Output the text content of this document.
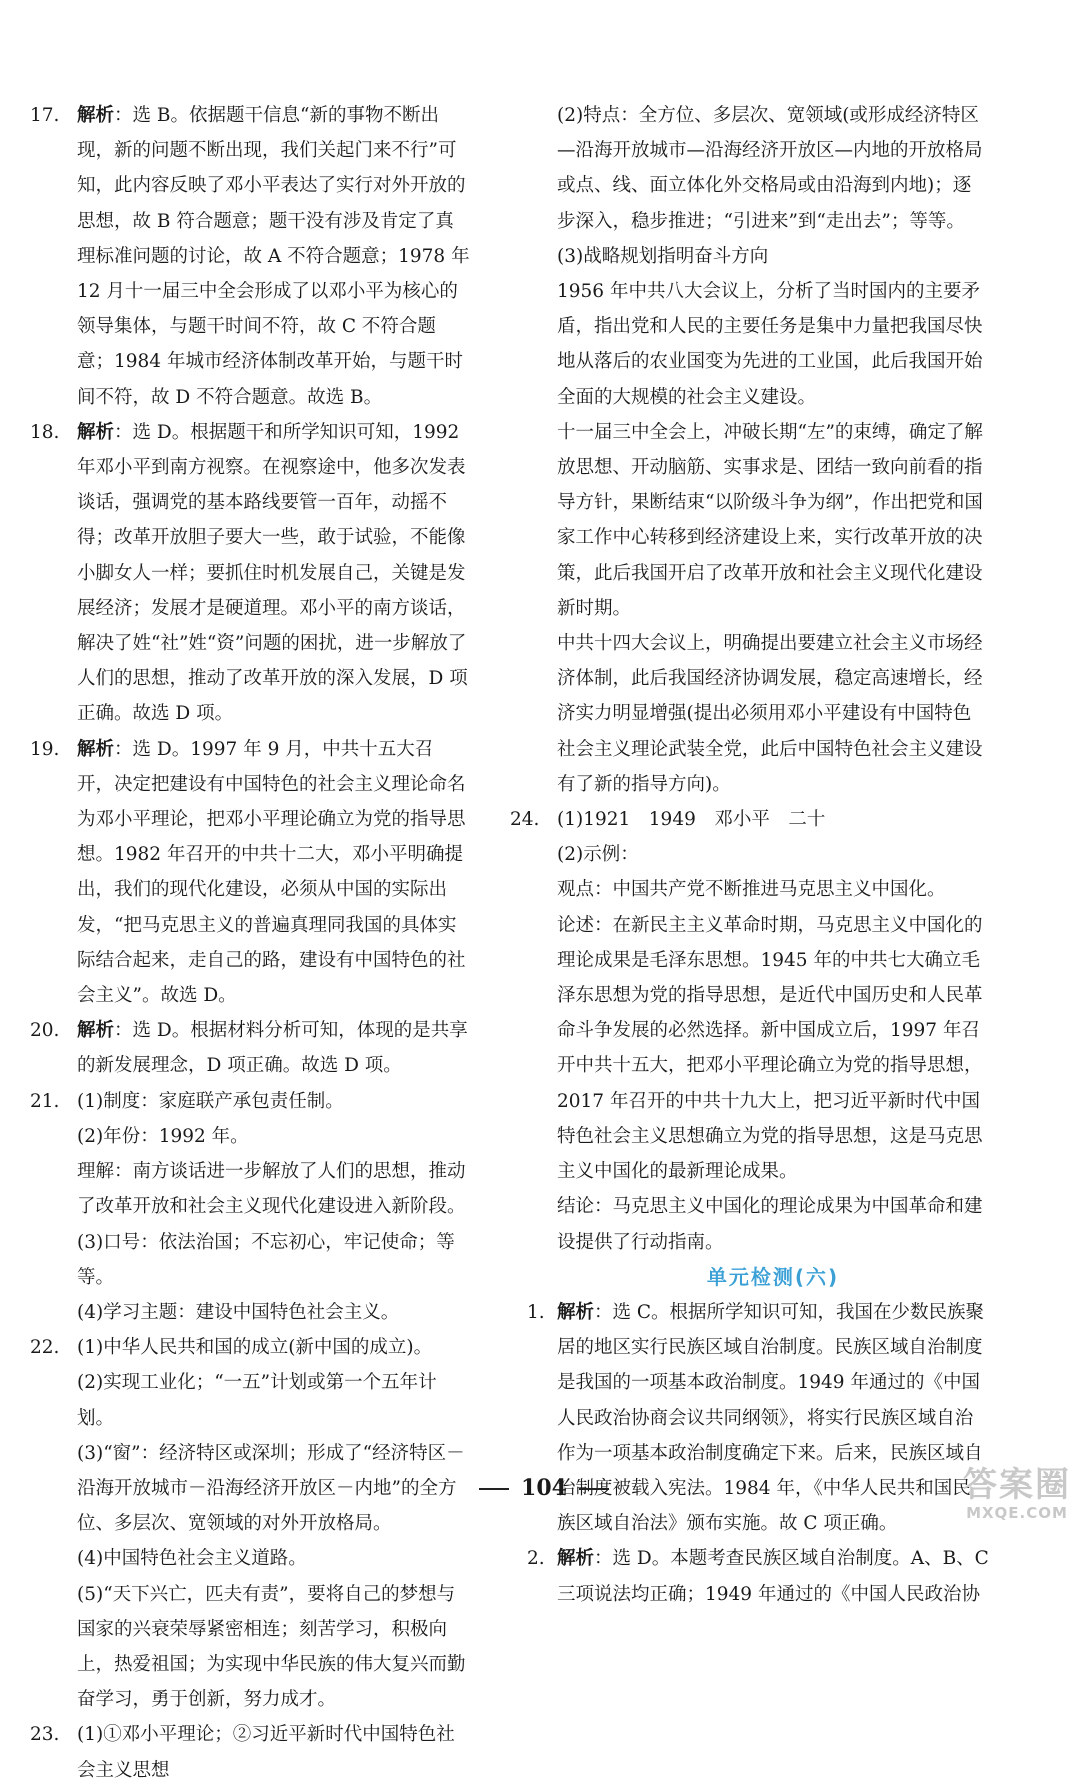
17. 解析：选 B。依据题干信息“新的事物不断出现，新的问题不断出现，我们关起门来不行”可知，此内容反映了邓小平表达了实行对外开放的思想，故 B 符合题意；题干没有涉及肯定了真理标准问题的讨论，故 A 不符合题意；1978 年 12 月十一届三中全会形成了以邓小平为核心的领导集体，与题干时间不符，故 C 不符合题意；1984 年城市经济体制改革开始，与题干时间不符，故 D 不符合题意。故选 B。
18. 解析：选 D。根据题干和所学知识可知，1992 年邓小平到南方视察。在视察途中，他多次发表谈话，强调党的基本路线要管一百年，动摇不得；改革开放胆子要大一些，敢于试验，不能像小脚女人一样；要抓住时机发展自己，关键是发展经济；发展才是硬道理。邓小平的南方谈话，解决了姓“社”姓“资”问题的困扰，进一步解放了人们的思想，推动了改革开放的深入发展，D 项正确。故选 D 项。
19. 解析：选 D。1997 年 9 月，中共十五大召开，决定把建设有中国特色的社会主义理论命名为邓小平理论，把邓小平理论确立为党的指导思想。1982 年召开的中共十二大，邓小平明确提出，我们的现代化建设，必须从中国的实际出发，“把马克思主义的普遍真理同我国的具体实际结合起来，走自己的路，建设有中国特色的社会主义”。故选 D。
20. 解析：选 D。根据材料分析可知，体现的是共享的新发展理念，D 项正确。故选 D 项。
21. (1)制度：家庭联产承包责任制。

(2)年份：1992 年。

理解：南方谈话进一步解放了人们的思想，推动了改革开放和社会主义现代化建设进入新阶段。

(3)口号：依法治国；不忘初心，牢记使命；等等。

(4)学习主题：建设中国特色社会主义。

22. (1)中华人民共和国的成立(新中国的成立)。

(2)实现工业化；“一五”计划或第一个五年计划。

(3)“窗”：经济特区或深圳；形成了“经济特区－沿海开放城市－沿海经济开放区－内地”的全方位、多层次、宽领域的对外开放格局。

(4)中国特色社会主义道路。

(5)“天下兴亡，匹夫有责”，要将自己的梦想与国家的兴衰荣辱紧密相连；刻苦学习，积极向上，热爱祖国；为实现中华民族的伟大复兴而勤奋学习，勇于创新，努力成才。

23. (1)①邓小平理论；②习近平新时代中国特色社会主义思想

(2)特点：全方位、多层次、宽领域(或形成经济特区—沿海开放城市—沿海经济开放区—内地的开放格局或点、线、面立体化外交格局或由沿海到内地)；逐步深入，稳步推进；“引进来”到“走出去”；等等。

(3)战略规划指明奋斗方向

1956 年中共八大会议上，分析了当时国内的主要矛盾，指出党和人民的主要任务是集中力量把我国尽快地从落后的农业国变为先进的工业国，此后我国开始全面的大规模的社会主义建设。

十一届三中全会上，冲破长期“左”的束缚，确定了解放思想、开动脑筋、实事求是、团结一致向前看的指导方针，果断结束“以阶级斗争为纲”，作出把党和国家工作中心转移到经济建设上来，实行改革开放的决策，此后我国开启了改革开放和社会主义现代化建设新时期。

中共十四大会议上，明确提出要建立社会主义市场经济体制，此后我国经济协调发展，稳定高速增长，经济实力明显增强(提出必须用邓小平建设有中国特色社会主义理论武装全党，此后中国特色社会主义建设有了新的指导方向)。

24. (1)1921　1949　邓小平　二十

(2)示例：

观点：中国共产党不断推进马克思主义中国化。

论述：在新民主主义革命时期，马克思主义中国化的理论成果是毛泽东思想。1945 年的中共七大确立毛泽东思想为党的指导思想，是近代中国历史和人民革命斗争发展的必然选择。新中国成立后，1997 年召开中共十五大，把邓小平理论确立为党的指导思想，2017 年召开的中共十九大上，把习近平新时代中国特色社会主义思想确立为党的指导思想，这是马克思主义中国化的最新理论成果。

结论：马克思主义中国化的理论成果为中国革命和建设提供了行动指南。

单元检测(六)
1. 解析：选 C。根据所学知识可知，我国在少数民族聚居的地区实行民族区域自治制度。民族区域自治制度是我国的一项基本政治制度。1949 年通过的《中国人民政治协商会议共同纲领》，将实行民族区域自治作为一项基本政治制度确定下来。后来，民族区域自治制度被载入宪法。1984 年，《中华人民共和国民族区域自治法》颁布实施。故 C 项正确。
2. 解析：选 D。本题考查民族区域自治制度。A、B、C 三项说法均正确；1949 年通过的《中国人民政治协
104	答案圈
MXQE.COM
